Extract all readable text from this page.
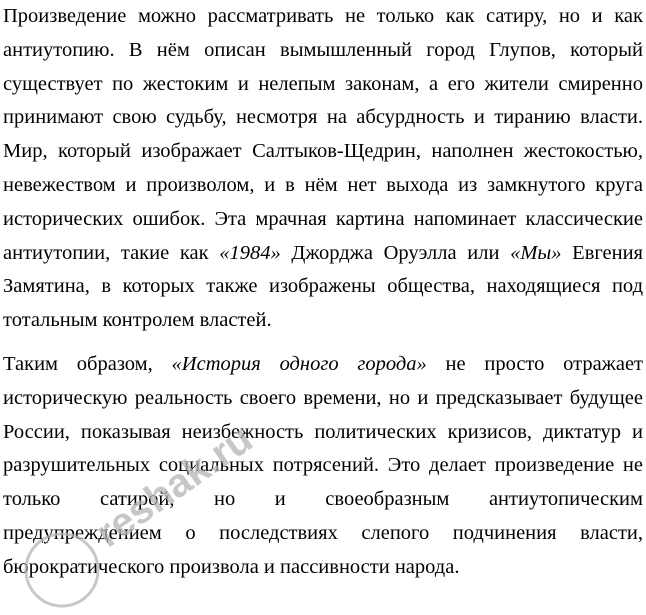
Произведение можно рассматривать не только как сатиру, но и как
антиутопию. В нём описан вымышленный город Глупов, который
существует по жестоким и нелепым законам, а его жители смиренно
принимают свою судьбу, несмотря на абсурдность и тиранию власти.
Мир, который изображает Салтыков-Щедрин, наполнен жестокостью,
невежеством и произволом, и в нём нет выхода из замкнутого круга
исторических ошибок. Эта мрачная картина напоминает классические
антиутопии, такие как «1984» Джорджа Оруэлла или «Мы» Евгения
Замятина, в которых также изображены общества, находящиеся под
тотальным контролем властей.
Таким образом, «История одного города» не просто отражает
историческую реальность своего времени, но и предсказывает будущее
России, показывая неизбежность политических кризисов, диктатур и
разрушительных социальных потрясений. Это делает произведение не
только сатирой, но и своеобразным антиутопическим
предупреждением о последствиях слепого подчинения власти,
бюрократического произвола и пассивности народа.
reshak.ru
